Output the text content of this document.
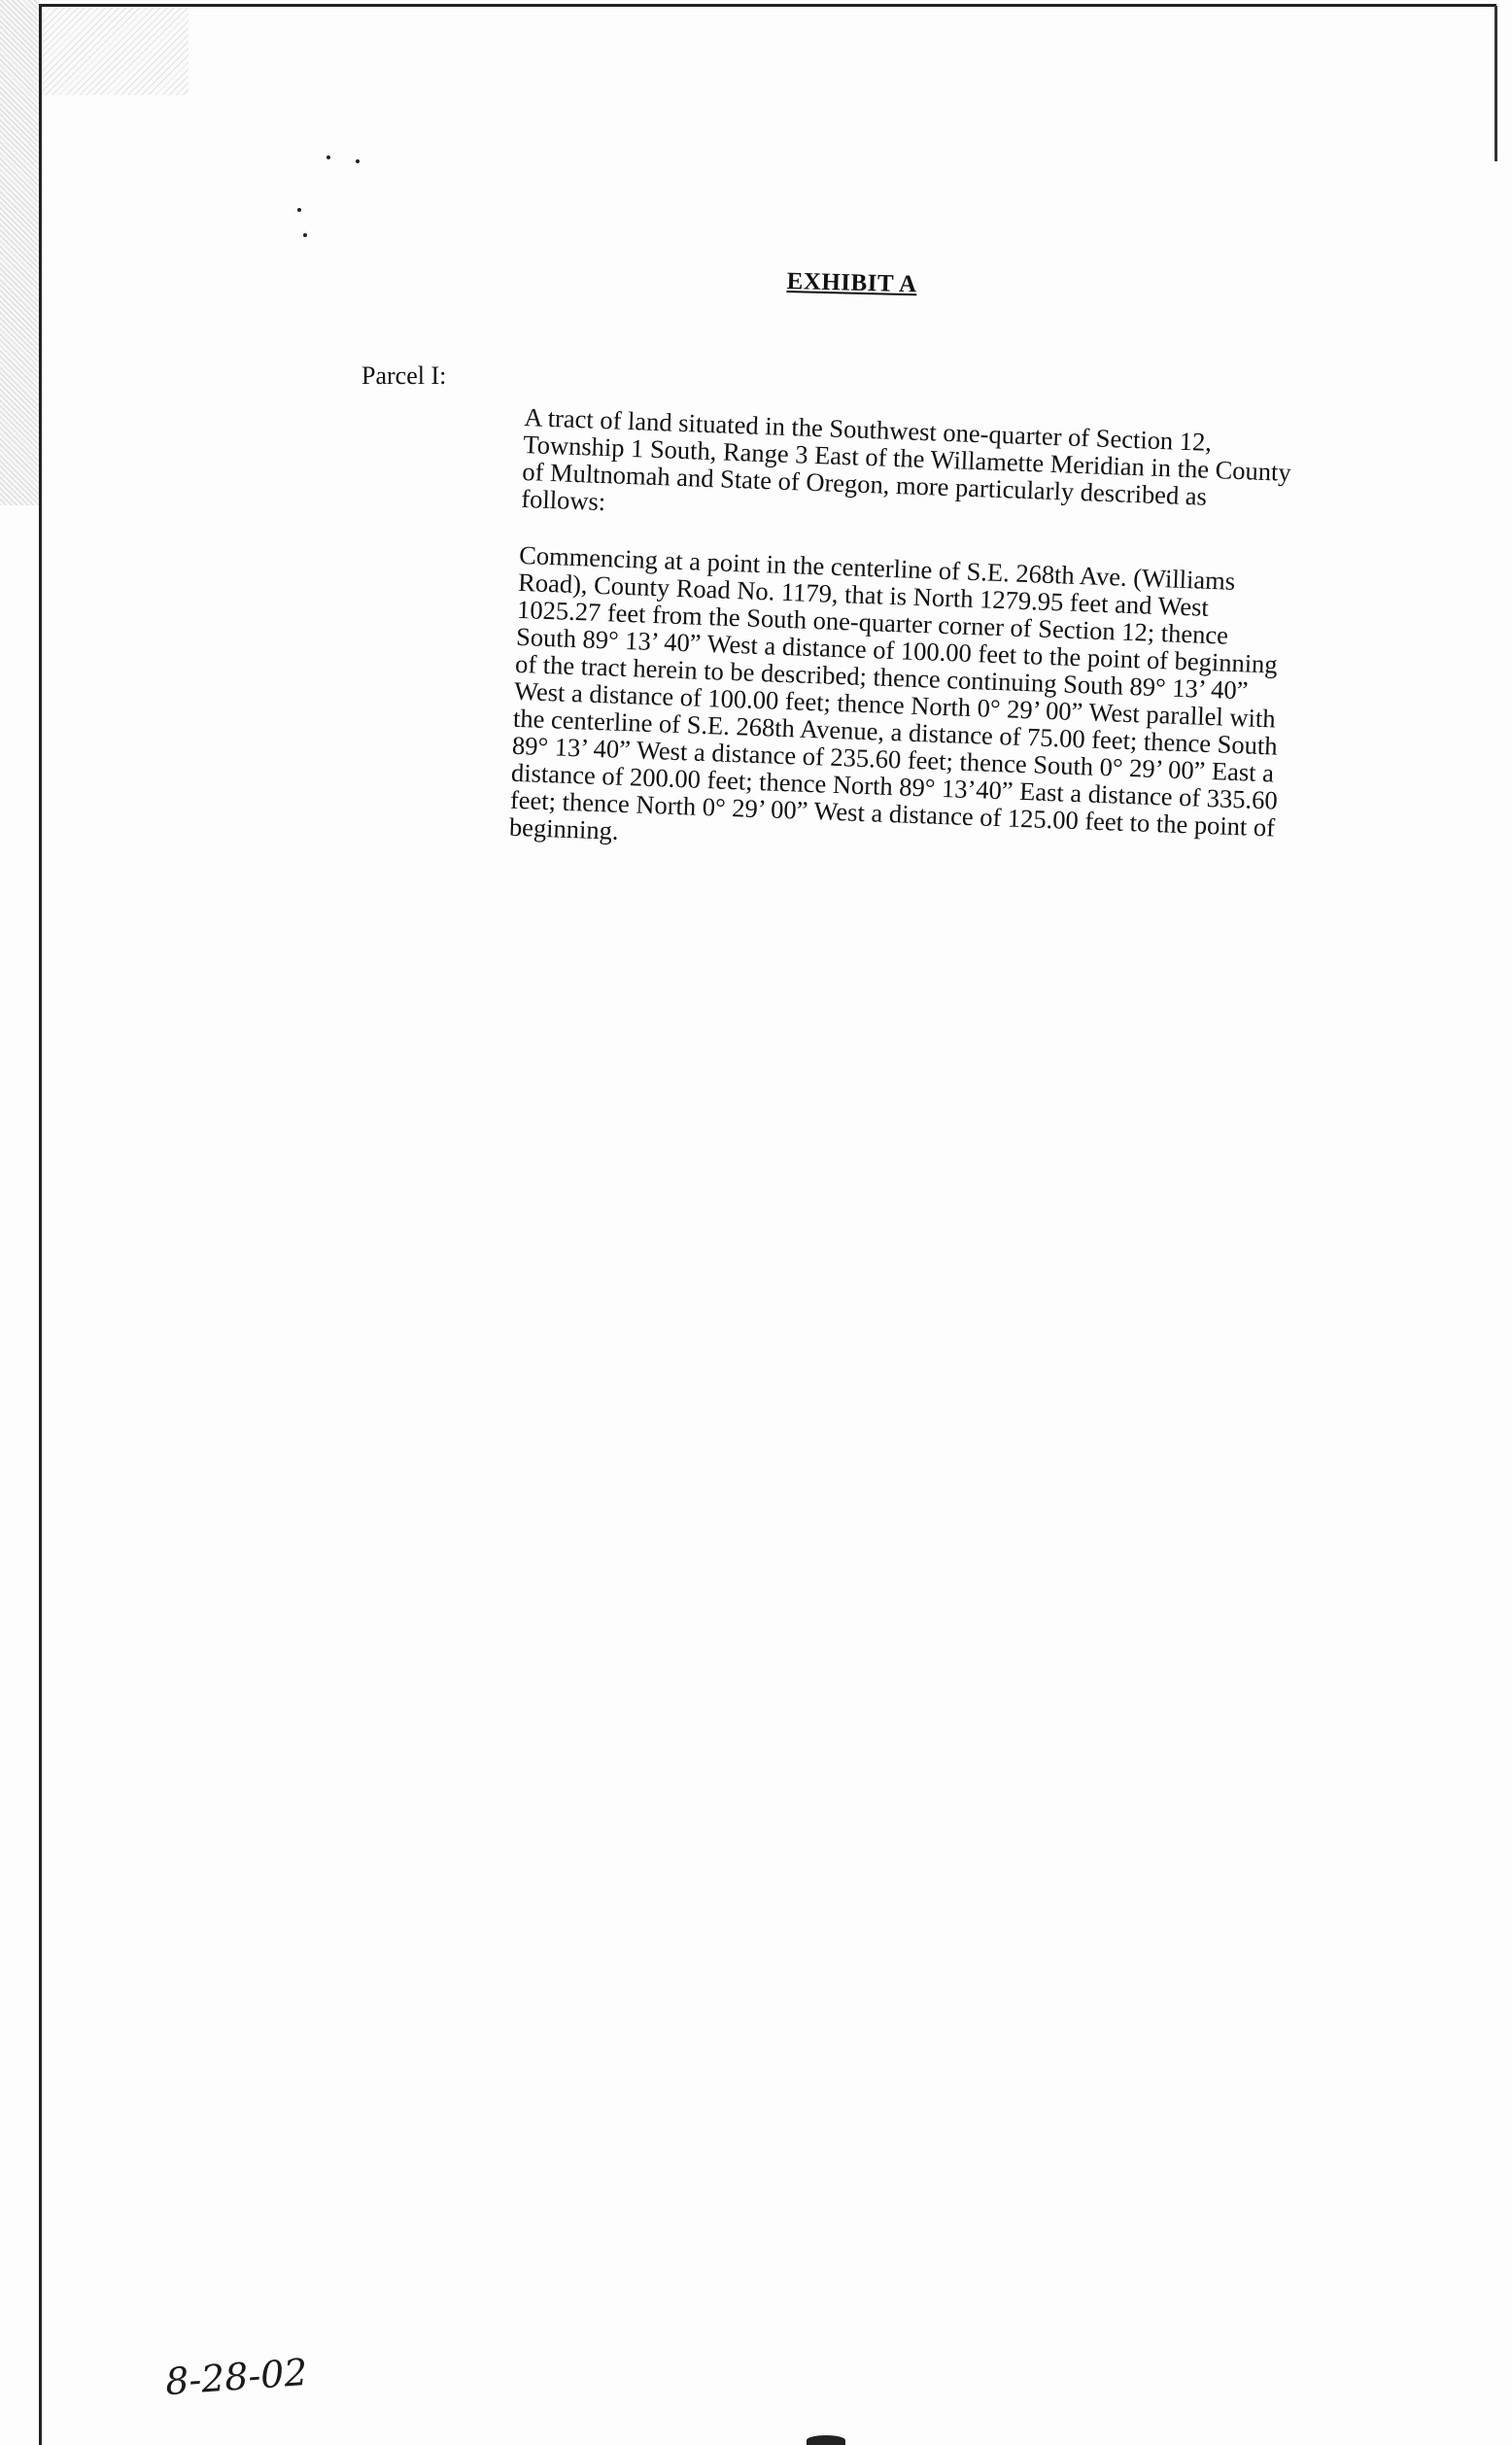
EXHIBIT A
Parcel I:

A tract of land situated in the Southwest one-quarter of Section 12,
Township 1 South, Range 3 East of the Willamette Meridian in the County
of Multnomah and State of Oregon, more particularly described as
follows:

Commencing at a point in the centerline of S.E. 268th Ave. (Williams
Road), County Road No. 1179, that is North 1279.95 feet and West
1025.27 feet from the South one-quarter corner of Section 12; thence
South 89° 13’ 40” West a distance of 100.00 feet to the point of beginning
of the tract herein to be described; thence continuing South 89° 13’ 40”
West a distance of 100.00 feet; thence North 0° 29’ 00” West parallel with
the centerline of S.E. 268th Avenue, a distance of 75.00 feet; thence South
89° 13’ 40” West a distance of 235.60 feet; thence South 0° 29’ 00” East a
distance of 200.00 feet; thence North 89° 13’40” East a distance of 335.60
feet; thence North 0° 29’ 00” West a distance of 125.00 feet to the point of
beginning.

8-28-02
